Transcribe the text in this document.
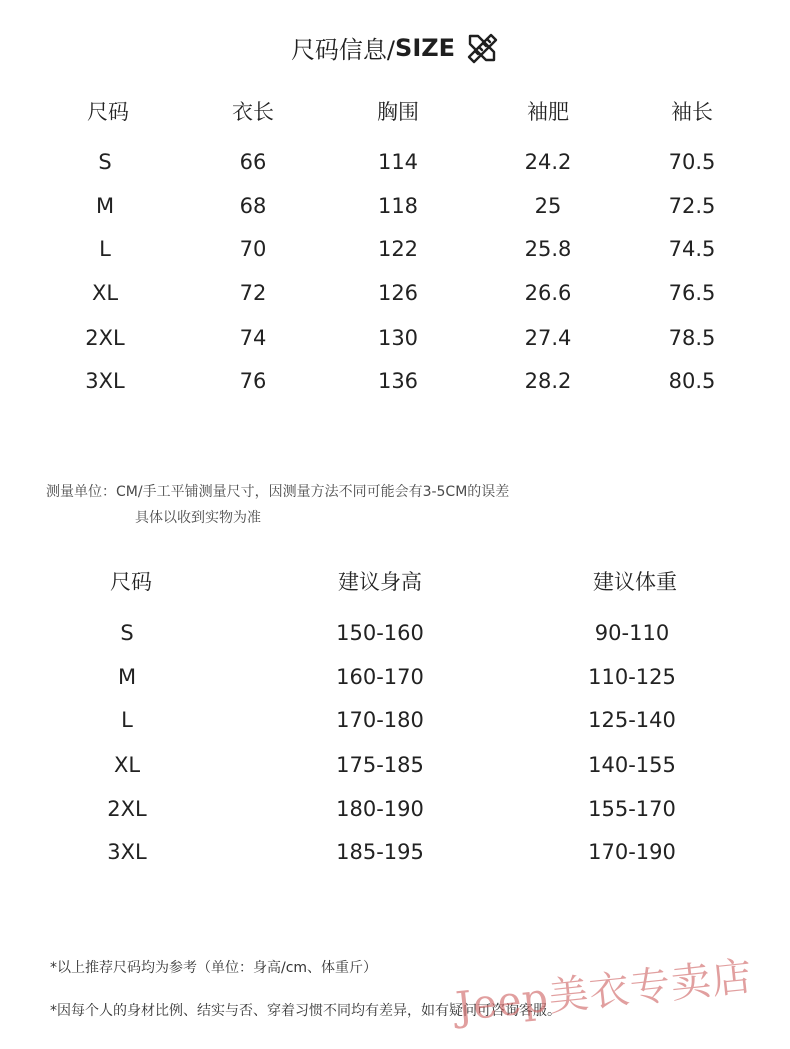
尺码信息/ SIZE
尺码	衣长	胸围	袖肥	袖长
S	66	114	24.2	70.5
M	68	118	25	72.5
L	70	122	25.8	74.5
XL	72	126	26.6	76.5
2XL	74	130	27.4	78.5
3XL	76	136	28.2	80.5
测量单位：CM/手工平铺测量尺寸，因测量方法不同可能会有3-5CM的误差
具体以收到实物为准
尺码	建议身高	建议体重
S	150-160	90-110
M	160-170	110-125
L	170-180	125-140
XL	175-185	140-155
2XL	180-190	155-170
3XL	185-195	170-190
*以上推荐尺码均为参考（单位：身高/cm、体重斤）
*因每个人的身材比例、结实与否、穿着习惯不同均有差异，如有疑问可咨询客服。
Jeep美衣专卖店
